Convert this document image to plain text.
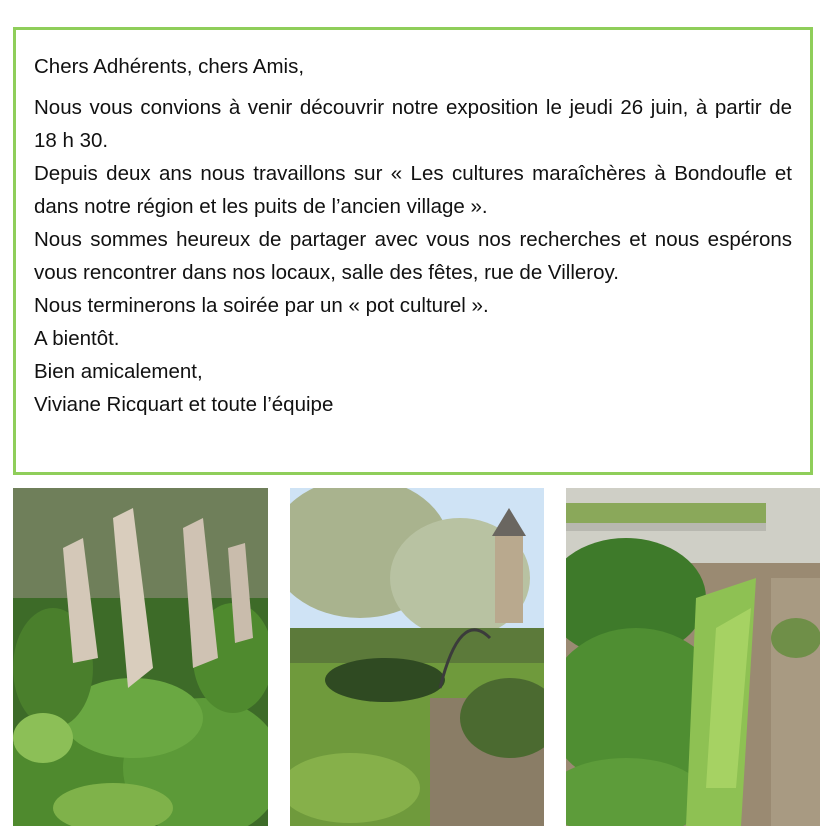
Chers Adhérents, chers Amis,

Nous vous convions à venir découvrir notre exposition le jeudi 26 juin, à partir de 18 h 30.

Depuis deux ans nous travaillons sur « Les cultures maraîchères à Bondoufle et dans notre région et les puits de l’ancien village ».

Nous sommes heureux de partager avec vous nos recherches et nous espérons vous rencontrer dans nos locaux, salle des fêtes, rue de Villeroy.

Nous terminerons la soirée par un « pot culturel ».

A bientôt.

Bien amicalement,

Viviane Ricquart et toute l’équipe
